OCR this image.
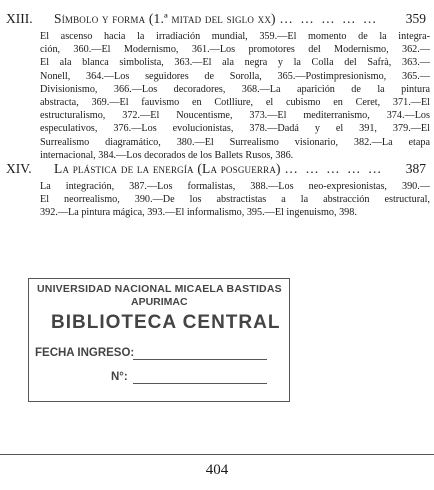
XIII. Símbolo y forma (1.ª mitad del siglo xx) … … … … … 359
El ascenso hacia la irradiación mundial, 359.—El momento de la integra-
ción, 360.—El Modernismo, 361.—Los promotores del Modernismo, 362.—
El ala blanca simbolista, 363.—El ala negra y la Colla del Safrà, 363.—
Nonell, 364.—Los seguidores de Sorolla, 365.—Postimpresionismo, 365.—
Divisionismo, 366.—Los decoradores, 368.—La aparición de la pintura
abstracta, 369.—El fauvismo en Cotlliure, el cubismo en Ceret, 371.—El
estructuralismo, 372.—El Noucentisme, 373.—El mediterranismo, 374.—Los
especulativos, 376.—Los evolucionistas, 378.—Dadá y el 391, 379.—El
Surrealismo diagramático, 380.—El Surrealismo visionario, 382.—La etapa
internacional, 384.—Los decorados de los Ballets Rusos, 386.
XIV. La plástica de la energía (La posguerra) … … … … … 387
La integración, 387.—Los formalistas, 388.—Los neo-expresionistas, 390.—
El neorrealismo, 390.—De los abstractistas a la abstracción estructural,
392.—La pintura mágica, 393.—El informalismo, 395.—El ingenuismo, 398.
UNIVERSIDAD NACIONAL MICAELA BASTIDAS
APURIMAC
BIBLIOTECA CENTRAL
FECHA INGRESO:
N°:
404
